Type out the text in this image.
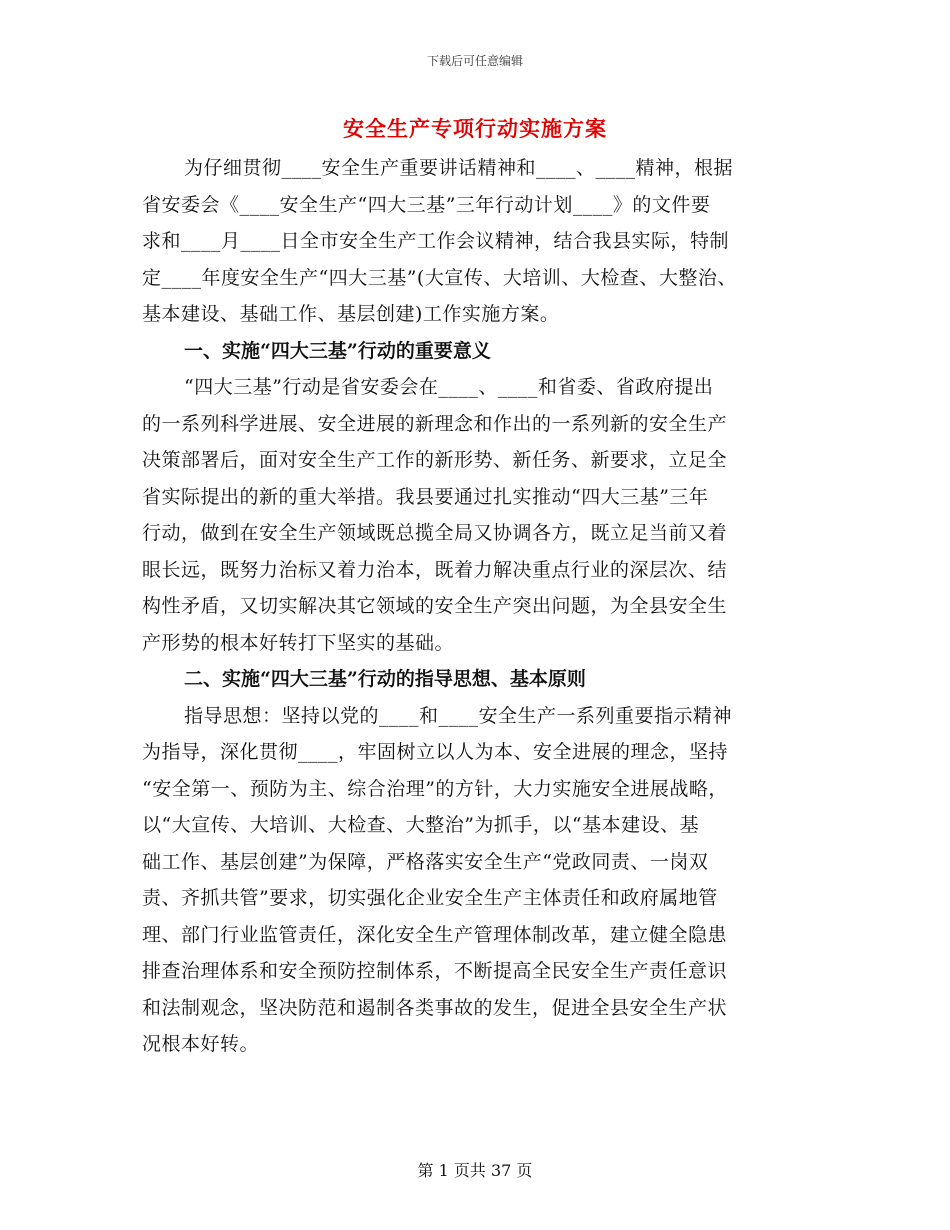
下载后可任意编辑
安全生产专项行动实施方案
为仔细贯彻____安全生产重要讲话精神和____、____精神，根据
省安委会《____安全生产“四大三基”三年行动计划____》的文件要
求和____月____日全市安全生产工作会议精神，结合我县实际，特制
定____年度安全生产“四大三基”(大宣传、大培训、大检查、大整治、
基本建设、基础工作、基层创建)工作实施方案。
一、实施“四大三基”行动的重要意义
“四大三基”行动是省安委会在____、____和省委、省政府提出
的一系列科学进展、安全进展的新理念和作出的一系列新的安全生产
决策部署后，面对安全生产工作的新形势、新任务、新要求，立足全
省实际提出的新的重大举措。我县要通过扎实推动“四大三基”三年
行动，做到在安全生产领域既总揽全局又协调各方，既立足当前又着
眼长远，既努力治标又着力治本，既着力解决重点行业的深层次、结
构性矛盾，又切实解决其它领域的安全生产突出问题，为全县安全生
产形势的根本好转打下坚实的基础。
二、实施“四大三基”行动的指导思想、基本原则
指导思想：坚持以党的____和____安全生产一系列重要指示精神
为指导，深化贯彻____，牢固树立以人为本、安全进展的理念，坚持
“安全第一、预防为主、综合治理”的方针，大力实施安全进展战略，
以“大宣传、大培训、大检查、大整治”为抓手，以“基本建设、基
础工作、基层创建”为保障，严格落实安全生产“党政同责、一岗双
责、齐抓共管”要求，切实强化企业安全生产主体责任和政府属地管
理、部门行业监管责任，深化安全生产管理体制改革，建立健全隐患
排查治理体系和安全预防控制体系，不断提高全民安全生产责任意识
和法制观念，坚决防范和遏制各类事故的发生，促进全县安全生产状
况根本好转。
第 1 页共 37 页
